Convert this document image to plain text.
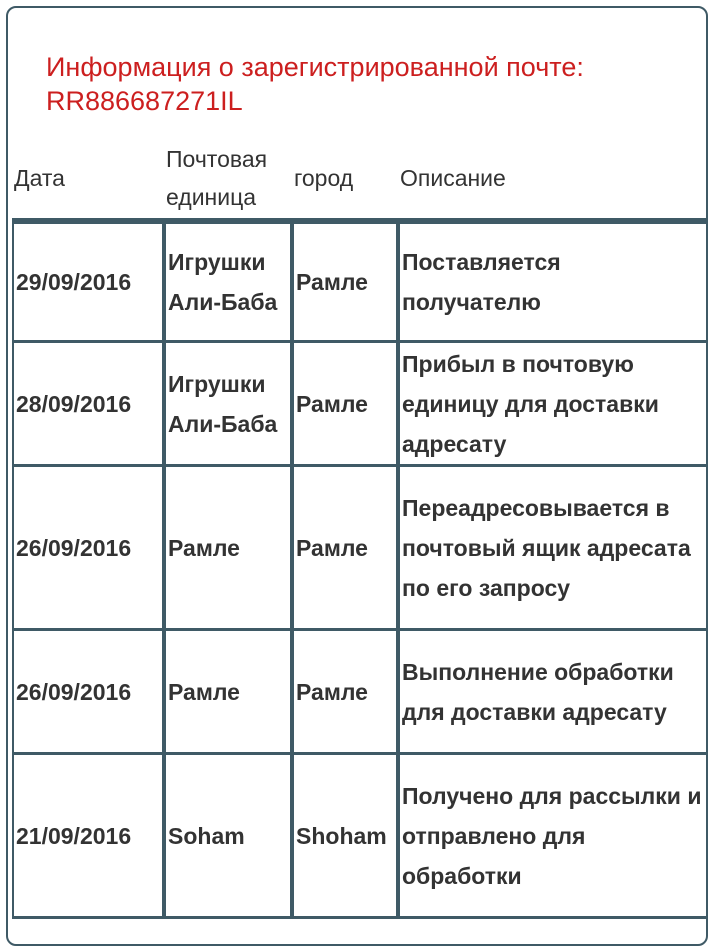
Информация о зарегистрированной почте: RR886687271IL
Дата	Почтовая единица	город	Описание
29/09/2016	Игрушки Али-Баба	Рамле	Поставляется получателю
28/09/2016	Игрушки Али-Баба	Рамле	Прибыл в почтовую единицу для доставки адресату
26/09/2016	Рамле	Рамле	Переадресовывается в почтовый ящик адресата по его запросу
26/09/2016	Рамле	Рамле	Выполнение обработки для доставки адресату
21/09/2016	Soham	Shoham	Получено для рассылки и отправлено для обработки
